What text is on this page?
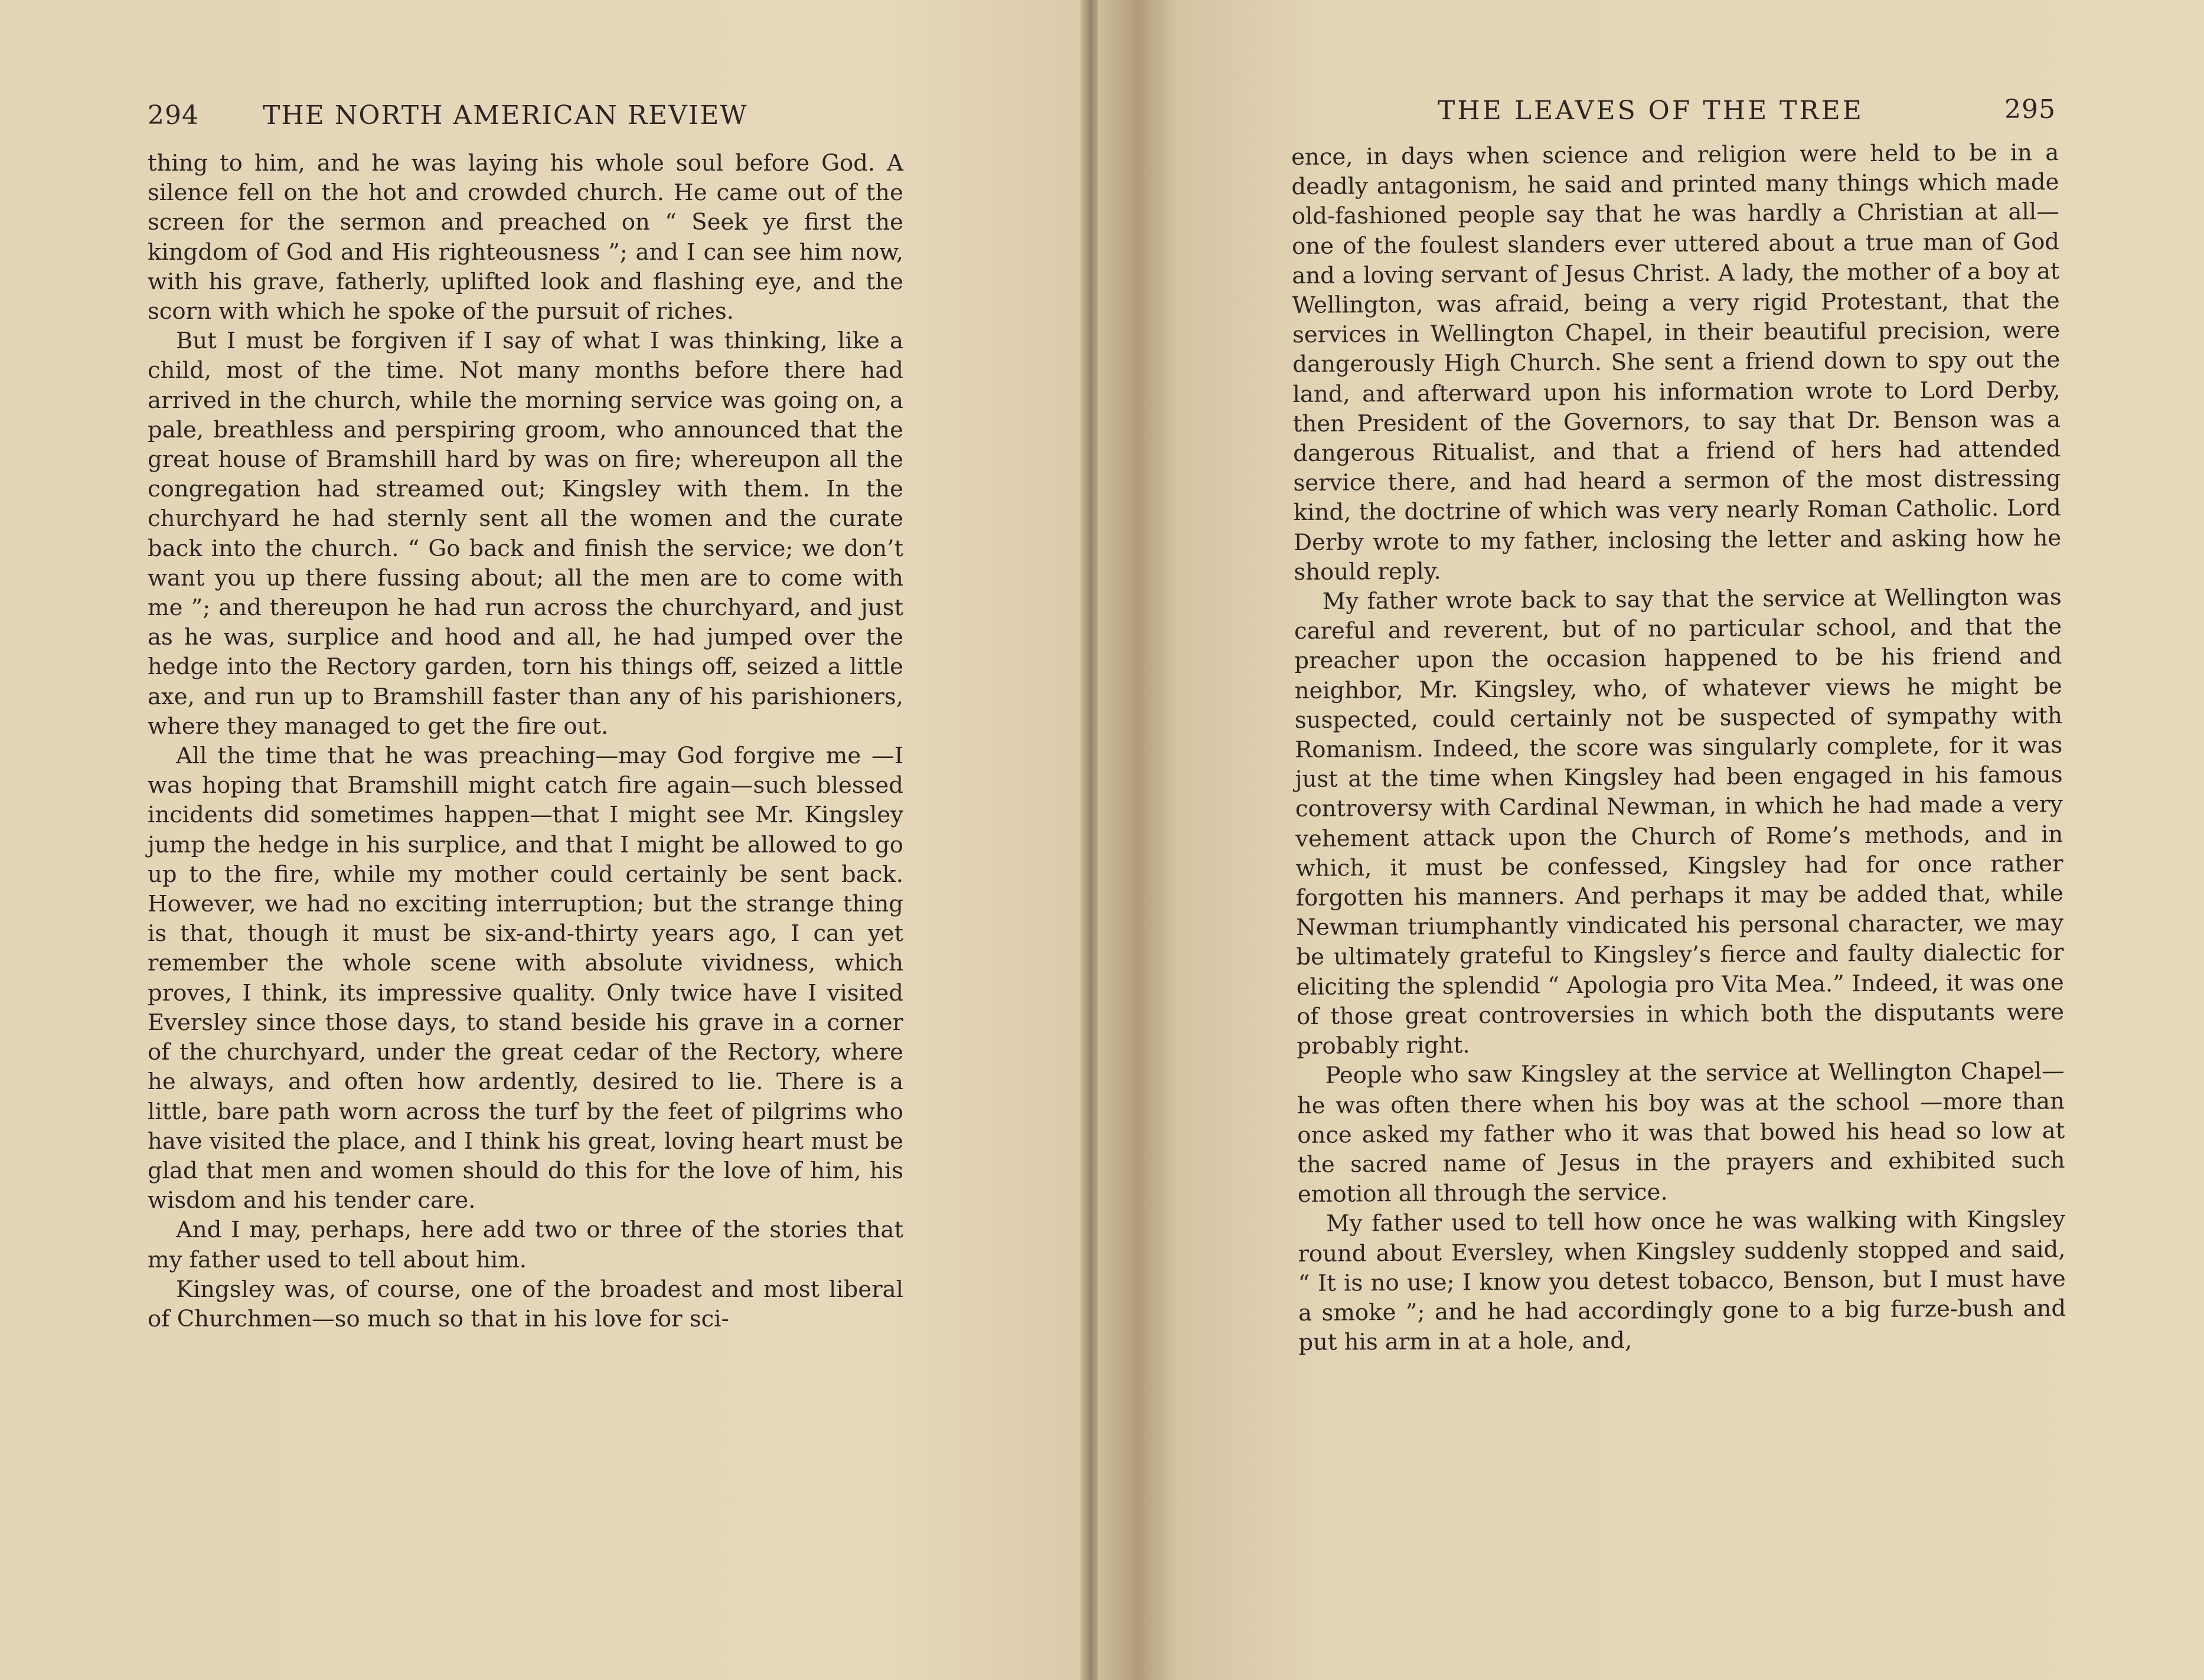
294 THE NORTH AMERICAN REVIEW

thing to him, and he was laying his whole soul before God. A silence fell on the hot and crowded church. He came out of the screen for the sermon and preached on “ Seek ye first the kingdom of God and His righteousness ”; and I can see him now, with his grave, fatherly, uplifted look and flashing eye, and the scorn with which he spoke of the pursuit of riches.

But I must be forgiven if I say of what I was thinking, like a child, most of the time. Not many months before there had arrived in the church, while the morning service was going on, a pale, breathless and perspiring groom, who announced that the great house of Bramshill hard by was on fire; whereupon all the congregation had streamed out; Kingsley with them. In the churchyard he had sternly sent all the women and the curate back into the church. “ Go back and finish the service; we don’t want you up there fussing about; all the men are to come with me ”; and thereupon he had run across the churchyard, and just as he was, surplice and hood and all, he had jumped over the hedge into the Rectory garden, torn his things off, seized a little axe, and run up to Bramshill faster than any of his parishioners, where they managed to get the fire out.

All the time that he was preaching—may God forgive me —I was hoping that Bramshill might catch fire again—such blessed incidents did sometimes happen—that I might see Mr. Kingsley jump the hedge in his surplice, and that I might be allowed to go up to the fire, while my mother could certainly be sent back. However, we had no exciting interruption; but the strange thing is that, though it must be six-and-thirty years ago, I can yet remember the whole scene with absolute vividness, which proves, I think, its impressive quality. Only twice have I visited Eversley since those days, to stand beside his grave in a corner of the churchyard, under the great cedar of the Rectory, where he always, and often how ardently, desired to lie. There is a little, bare path worn across the turf by the feet of pilgrims who have visited the place, and I think his great, loving heart must be glad that men and women should do this for the love of him, his wisdom and his tender care.

And I may, perhaps, here add two or three of the stories that my father used to tell about him.

Kingsley was, of course, one of the broadest and most liberal of Churchmen—so much so that in his love for sci-

THE LEAVES OF THE TREE	295

ence, in days when science and religion were held to be in a deadly antagonism, he said and printed many things which made old-fashioned people say that he was hardly a Christian at all—one of the foulest slanders ever uttered about a true man of God and a loving servant of Jesus Christ. A lady, the mother of a boy at Wellington, was afraid, being a very rigid Protestant, that the services in Wellington Chapel, in their beautiful precision, were dangerously High Church. She sent a friend down to spy out the land, and afterward upon his information wrote to Lord Derby, then President of the Governors, to say that Dr. Benson was a dangerous Ritualist, and that a friend of hers had attended service there, and had heard a sermon of the most distressing kind, the doctrine of which was very nearly Roman Catholic. Lord Derby wrote to my father, inclosing the letter and asking how he should reply.

My father wrote back to say that the service at Wellington was careful and reverent, but of no particular school, and that the preacher upon the occasion happened to be his friend and neighbor, Mr. Kingsley, who, of whatever views he might be suspected, could certainly not be suspected of sympathy with Romanism. Indeed, the score was singularly complete, for it was just at the time when Kingsley had been engaged in his famous controversy with Cardinal Newman, in which he had made a very vehement attack upon the Church of Rome’s methods, and in which, it must be confessed, Kingsley had for once rather forgotten his manners. And perhaps it may be added that, while Newman triumphantly vindicated his personal character, we may be ultimately grateful to Kingsley’s fierce and faulty dialectic for eliciting the splendid “ Apologia pro Vita Mea.” Indeed, it was one of those great controversies in which both the disputants were probably right.

People who saw Kingsley at the service at Wellington Chapel—he was often there when his boy was at the school —more than once asked my father who it was that bowed his head so low at the sacred name of Jesus in the prayers and exhibited such emotion all through the service.

My father used to tell how once he was walking with Kingsley round about Eversley, when Kingsley suddenly stopped and said, “ It is no use; I know you detest tobacco, Benson, but I must have a smoke ”; and he had accordingly gone to a big furze-bush and put his arm in at a hole, and,
